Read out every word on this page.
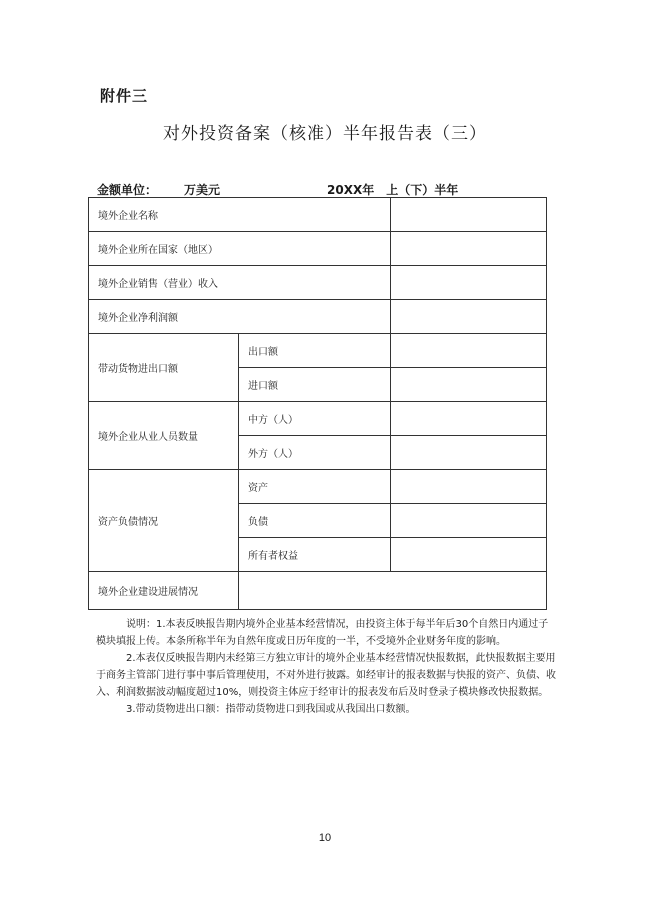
附件三
对外投资备案（核准）半年报告表（三）
金额单位： 万美元	20XX年　上（下）半年
境外企业名称		
境外企业所在国家（地区）		
境外企业销售（营业）收入		
境外企业净利润额		
带动货物进出口额	出口额	
	进口额	
境外企业从业人员数量	中方（人）	
	外方（人）	
资产负债情况	资产	
	负债	
	所有者权益	
境外企业建设进展情况		

说明：1.本表反映报告期内境外企业基本经营情况，由投资主体于每半年后30个自然日内通过子模块填报上传。本条所称半年为自然年度或日历年度的一半，不受境外企业财务年度的影响。

2.本表仅反映报告期内未经第三方独立审计的境外企业基本经营情况快报数据，此快报数据主要用于商务主管部门进行事中事后管理使用，不对外进行披露。如经审计的报表数据与快报的资产、负债、收入、利润数据波动幅度超过10%，则投资主体应于经审计的报表发布后及时登录子模块修改快报数据。

3.带动货物进出口额：指带动货物进口到我国或从我国出口数额。

10
